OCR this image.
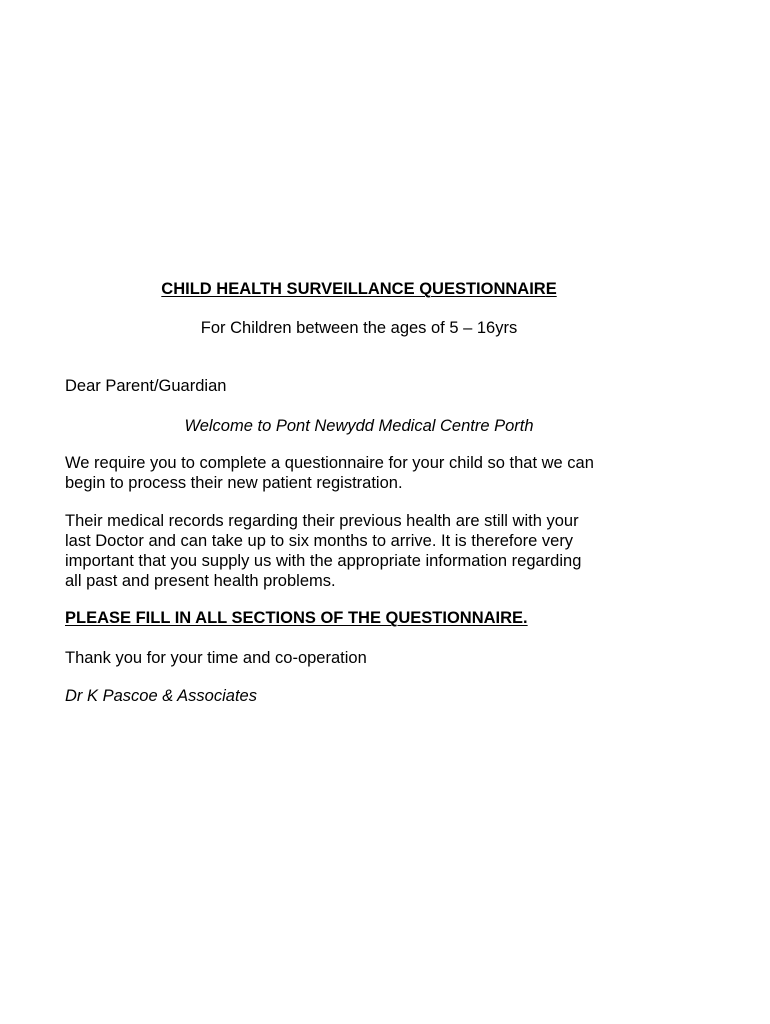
CHILD HEALTH SURVEILLANCE QUESTIONNAIRE
For Children between the ages of 5 – 16yrs
Dear Parent/Guardian
Welcome to Pont Newydd Medical Centre Porth

We require you to complete a questionnaire for your child so that we can
begin to process their new patient registration.

Their medical records regarding their previous health are still with your
last Doctor and can take up to six months to arrive. It is therefore very
important that you supply us with the appropriate information regarding
all past and present health problems.

PLEASE FILL IN ALL SECTIONS OF THE QUESTIONNAIRE.
Thank you for your time and co-operation
Dr K Pascoe & Associates
